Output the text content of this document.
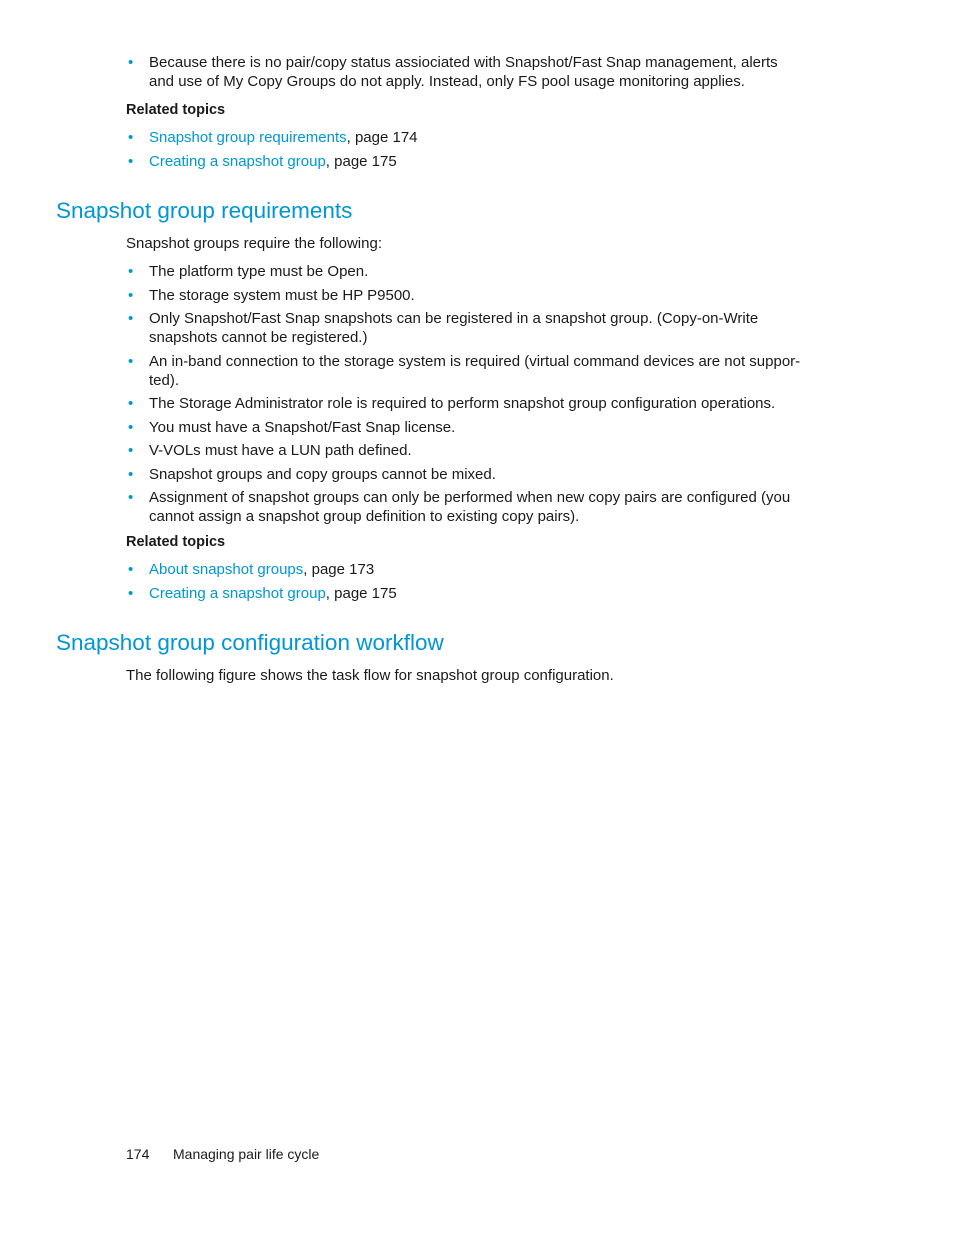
• Because there is no pair/copy status assiociated with Snapshot/Fast Snap management, alerts and use of My Copy Groups do not apply. Instead, only FS pool usage monitoring applies.
Related topics
• Snapshot group requirements, page 174
• Creating a snapshot group, page 175
Snapshot group requirements

Snapshot groups require the following:

• The platform type must be Open.
• The storage system must be HP P9500.
• Only Snapshot/Fast Snap snapshots can be registered in a snapshot group. (Copy-on-Write snapshots cannot be registered.)
• An in-band connection to the storage system is required (virtual command devices are not suppor-ted).
• The Storage Administrator role is required to perform snapshot group configuration operations.
• You must have a Snapshot/Fast Snap license.
• V-VOLs must have a LUN path defined.
• Snapshot groups and copy groups cannot be mixed.
• Assignment of snapshot groups can only be performed when new copy pairs are configured (you cannot assign a snapshot group definition to existing copy pairs).
Related topics
• About snapshot groups, page 173
• Creating a snapshot group, page 175
Snapshot group configuration workflow

The following figure shows the task flow for snapshot group configuration.

174 Managing pair life cycle
